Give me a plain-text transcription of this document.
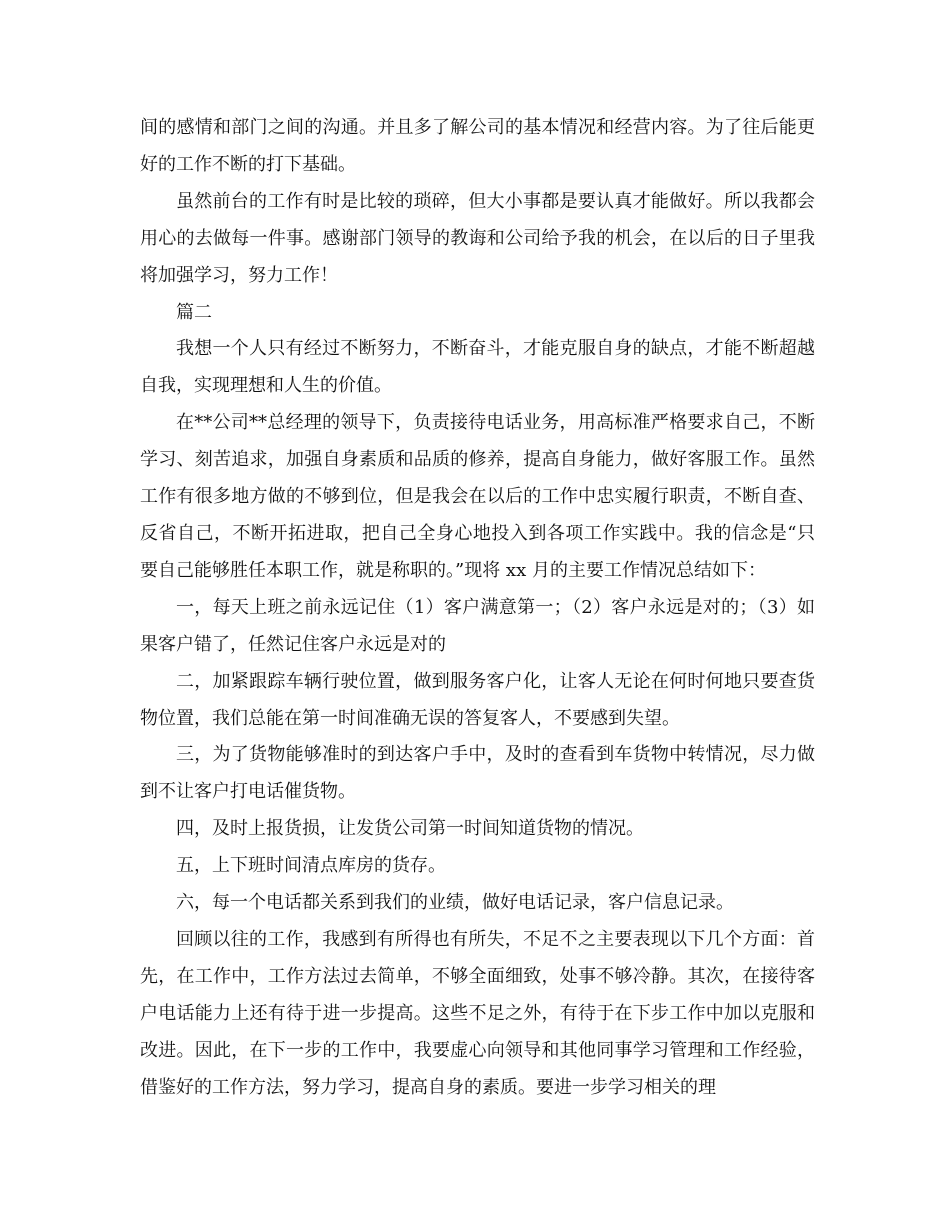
间的感情和部门之间的沟通。并且多了解公司的基本情况和经营内容。为了往后能更好的工作不断的打下基础。

虽然前台的工作有时是比较的琐碎，但大小事都是要认真才能做好。所以我都会用心的去做每一件事。感谢部门领导的教诲和公司给予我的机会，在以后的日子里我将加强学习，努力工作！

篇二

我想一个人只有经过不断努力，不断奋斗，才能克服自身的缺点，才能不断超越自我，实现理想和人生的价值。

在**公司**总经理的领导下，负责接待电话业务，用高标准严格要求自己，不断学习、刻苦追求，加强自身素质和品质的修养，提高自身能力，做好客服工作。虽然工作有很多地方做的不够到位，但是我会在以后的工作中忠实履行职责，不断自查、反省自己，不断开拓进取，把自己全身心地投入到各项工作实践中。我的信念是“只要自己能够胜任本职工作，就是称职的。”现将 xx 月的主要工作情况总结如下：

一，每天上班之前永远记住（1）客户满意第一；（2）客户永远是对的；（3）如果客户错了，任然记住客户永远是对的

二，加紧跟踪车辆行驶位置，做到服务客户化，让客人无论在何时何地只要查货物位置，我们总能在第一时间准确无误的答复客人，不要感到失望。

三，为了货物能够准时的到达客户手中，及时的查看到车货物中转情况，尽力做到不让客户打电话催货物。

四，及时上报货损，让发货公司第一时间知道货物的情况。

五，上下班时间清点库房的货存。

六，每一个电话都关系到我们的业绩，做好电话记录，客户信息记录。

回顾以往的工作，我感到有所得也有所失，不足不之主要表现以下几个方面：首先，在工作中，工作方法过去简单，不够全面细致，处事不够冷静。其次，在接待客户电话能力上还有待于进一步提高。这些不足之外，有待于在下步工作中加以克服和改进。因此，在下一步的工作中，我要虚心向领导和其他同事学习管理和工作经验，借鉴好的工作方法，努力学习，提高自身的素质。要进一步学习相关的理
